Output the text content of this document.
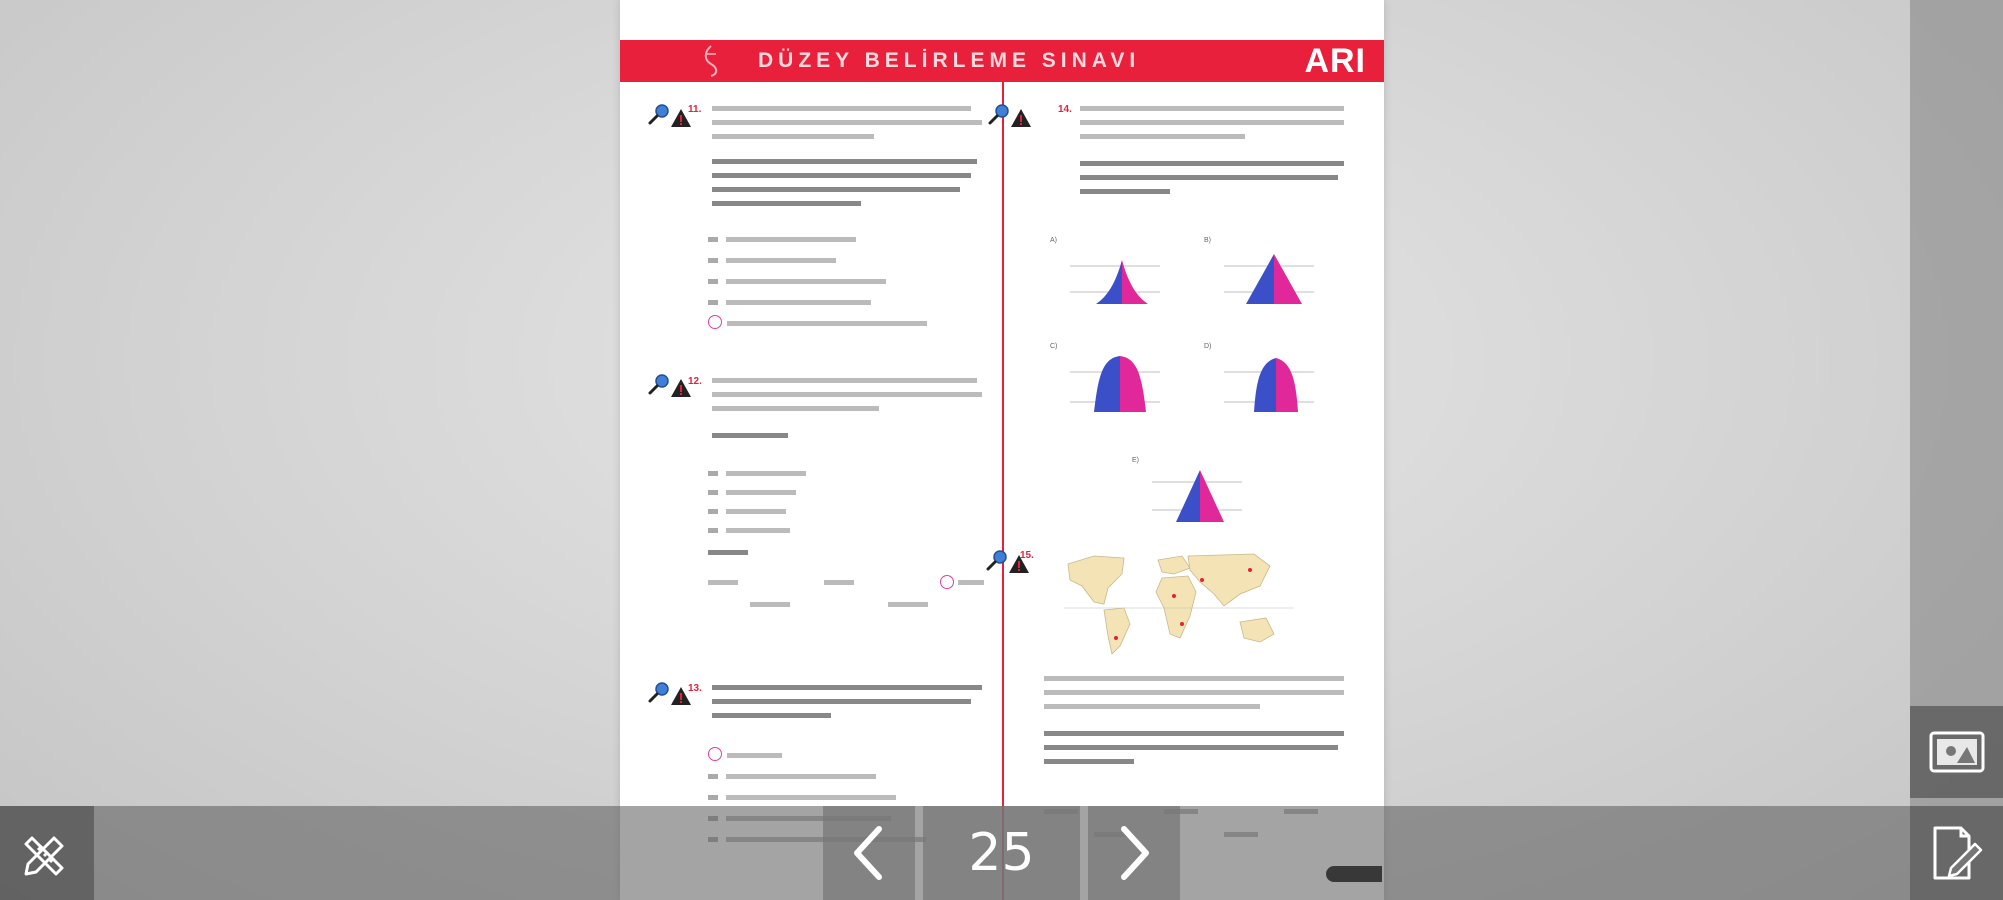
DÜZEY BELİRLEME SINAVI	ARI
11.
12.
13.
14.
A)	B)
C)	D)
E)
15.
25
